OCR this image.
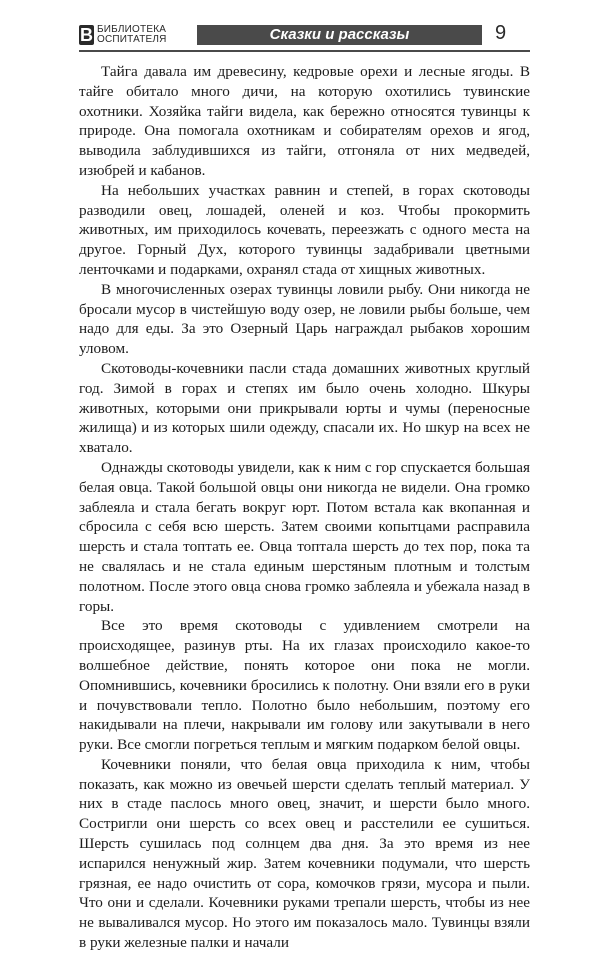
B БИБЛИОТЕКА
ОСПИТАТЕЛЯ	Сказки и рассказы	9

Тайга давала им древесину, кедровые орехи и лесные ягоды. В тайге обитало много дичи, на которую охотились тувинские охотники. Хозяйка тайги видела, как бережно относятся тувинцы к природе. Она помогала охотникам и собирателям орехов и ягод, выводила заблудившихся из тайги, отгоняла от них медведей, изюбрей и кабанов.

На небольших участках равнин и степей, в горах скотоводы разводили овец, лошадей, оленей и коз. Чтобы прокормить животных, им приходилось кочевать, переезжать с одного места на другое. Горный Дух, которого тувинцы задабривали цветными ленточками и подарками, охранял стада от хищных животных.

В многочисленных озерах тувинцы ловили рыбу. Они никогда не бросали мусор в чистейшую воду озер, не ловили рыбы больше, чем надо для еды. За это Озерный Царь награждал рыбаков хорошим уловом.

Скотоводы-кочевники пасли стада домашних животных круглый год. Зимой в горах и степях им было очень холодно. Шкуры животных, которыми они прикрывали юрты и чумы (переносные жилища) и из которых шили одежду, спасали их. Но шкур на всех не хватало.

Однажды скотоводы увидели, как к ним с гор спускается большая белая овца. Такой большой овцы они никогда не видели. Она громко заблеяла и стала бегать вокруг юрт. Потом встала как вкопанная и сбросила с себя всю шерсть. Затем своими копытцами расправила шерсть и стала топтать ее. Овца топтала шерсть до тех пор, пока та не свалялась и не стала единым шерстяным плотным и толстым полотном. После этого овца снова громко заблеяла и убежала назад в горы.

Все это время скотоводы с удивлением смотрели на происходящее, разинув рты. На их глазах происходило какое-то волшебное действие, понять которое они пока не могли. Опомнившись, кочевники бросились к полотну. Они взяли его в руки и почувствовали тепло. Полотно было небольшим, поэтому его накидывали на плечи, накрывали им голову или закутывали в него руки. Все смогли погреться теплым и мягким подарком белой овцы.

Кочевники поняли, что белая овца приходила к ним, чтобы показать, как можно из овечьей шерсти сделать теплый материал. У них в стаде паслось много овец, значит, и шерсти было много. Состригли они шерсть со всех овец и расстелили ее сушиться. Шерсть сушилась под солнцем два дня. За это время из нее испарился ненужный жир. Затем кочевники подумали, что шерсть грязная, ее надо очистить от сора, комочков грязи, мусора и пыли. Что они и сделали. Кочевники руками трепали шерсть, чтобы из нее не вываливался мусор. Но этого им показалось мало. Тувинцы взяли в руки железные палки и начали
